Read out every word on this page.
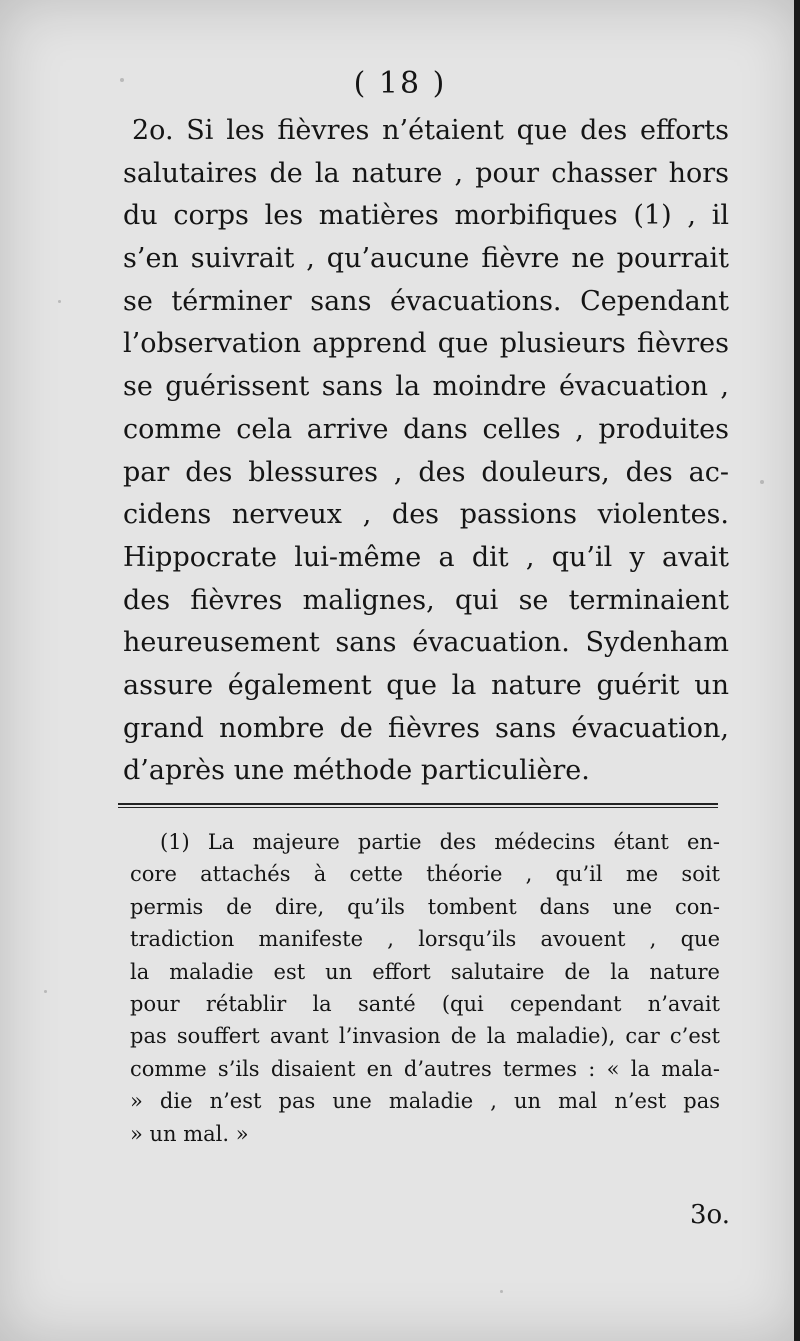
( 18 )
2o. Si les fièvres n’étaient que des efforts
salutaires de la nature , pour chasser hors
du corps les matières morbifiques (1) , il
s’en suivrait , qu’aucune fièvre ne pourrait
se términer sans évacuations. Cependant
l’observation apprend que plusieurs fièvres
se guérissent sans la moindre évacuation ,
comme cela arrive dans celles , produites
par des blessures , des douleurs, des ac-
cidens nerveux , des passions violentes.
Hippocrate lui-même a dit , qu’il y avait
des fièvres malignes, qui se terminaient
heureusement sans évacuation. Sydenham
assure également que la nature guérit un
grand nombre de fièvres sans évacuation,
d’après une méthode particulière.
(1) La majeure partie des médecins étant en-
core attachés à cette théorie , qu’il me soit
permis de dire, qu’ils tombent dans une con-
tradiction manifeste , lorsqu’ils avouent , que
la maladie est un effort salutaire de la nature
pour rétablir la santé (qui cependant n’avait
pas souffert avant l’invasion de la maladie), car c’est
comme s’ils disaient en d’autres termes : « la mala-
» die n’est pas une maladie , un mal n’est pas
» un mal. »
3o.
